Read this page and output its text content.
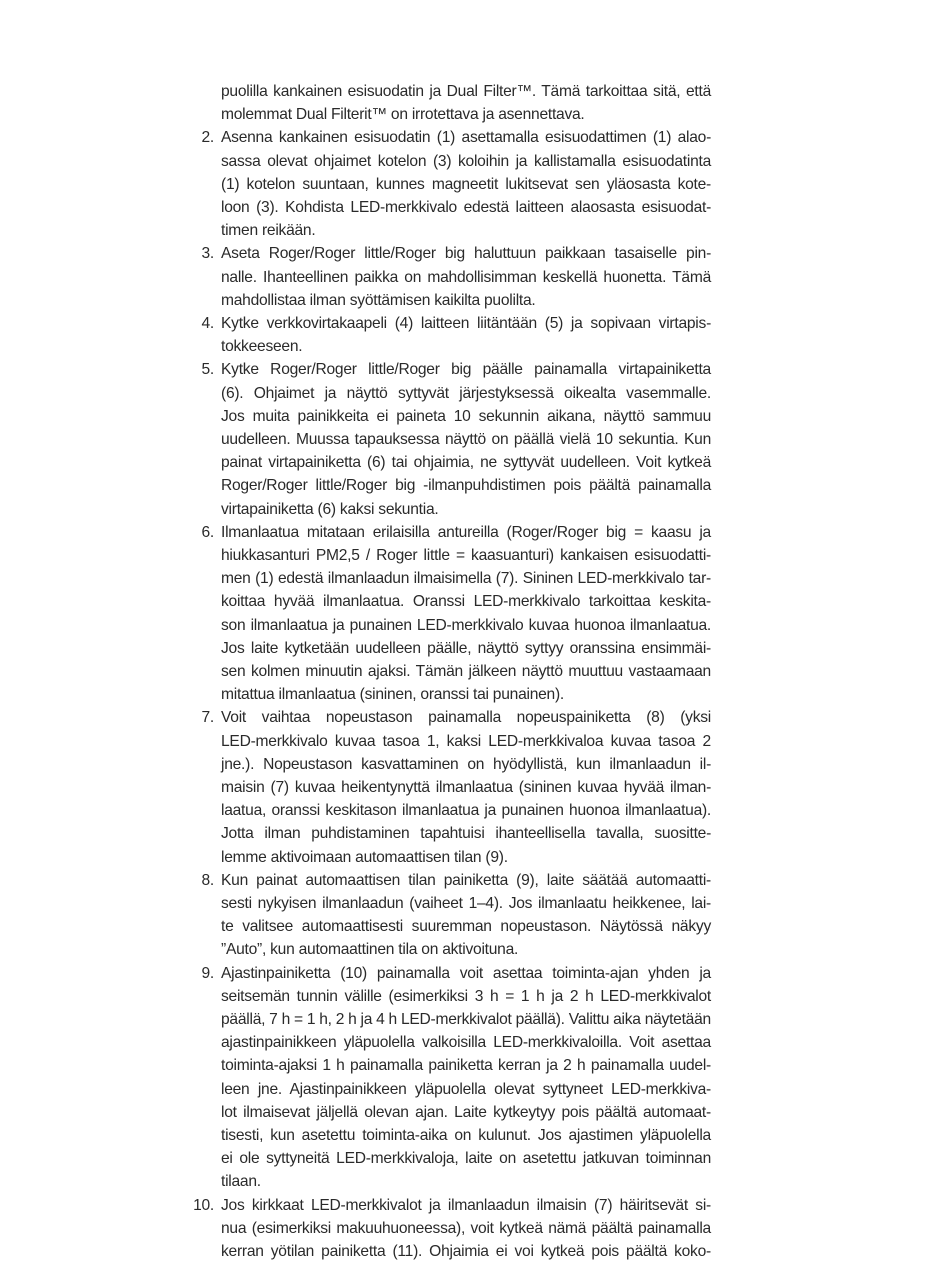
puolilla kankainen esisuodatin ja Dual Filter™. Tämä tarkoittaa sitä, että
molemmat Dual Filterit™ on irrotettava ja asennettava.
2. Asenna kankainen esisuodatin (1) asettamalla esisuodattimen (1) alao-
sassa olevat ohjaimet kotelon (3) koloihin ja kallistamalla esisuodatinta
(1) kotelon suuntaan, kunnes magneetit lukitsevat sen yläosasta kote-
loon (3). Kohdista LED-merkkivalo edestä laitteen alaosasta esisuodat-
timen reikään.
3. Aseta Roger/Roger little/Roger big haluttuun paikkaan tasaiselle pin-
nalle. Ihanteellinen paikka on mahdollisimman keskellä huonetta. Tämä
mahdollistaa ilman syöttämisen kaikilta puolilta.
4. Kytke verkkovirtakaapeli (4) laitteen liitäntään (5) ja sopivaan virtapis-
tokkeeseen.
5. Kytke Roger/Roger little/Roger big päälle painamalla virtapainiketta
(6). Ohjaimet ja näyttö syttyvät järjestyksessä oikealta vasemmalle.
Jos muita painikkeita ei paineta 10 sekunnin aikana, näyttö sammuu
uudelleen. Muussa tapauksessa näyttö on päällä vielä 10 sekuntia. Kun
painat virtapainiketta (6) tai ohjaimia, ne syttyvät uudelleen. Voit kytkeä
Roger/Roger little/Roger big -ilmanpuhdistimen pois päältä painamalla
virtapainiketta (6) kaksi sekuntia.
6. Ilmanlaatua mitataan erilaisilla antureilla (Roger/Roger big = kaasu ja
hiukkasanturi PM2,5 / Roger little = kaasuanturi) kankaisen esisuodatti-
men (1) edestä ilmanlaadun ilmaisimella (7). Sininen LED-merkkivalo tar-
koittaa hyvää ilmanlaatua. Oranssi LED-merkkivalo tarkoittaa keskita-
son ilmanlaatua ja punainen LED-merkkivalo kuvaa huonoa ilmanlaatua.
Jos laite kytketään uudelleen päälle, näyttö syttyy oranssina ensimmäi-
sen kolmen minuutin ajaksi. Tämän jälkeen näyttö muuttuu vastaamaan
mitattua ilmanlaatua (sininen, oranssi tai punainen).
7. Voit vaihtaa nopeustason painamalla nopeuspainiketta (8) (yksi
LED-merkkivalo kuvaa tasoa 1, kaksi LED-merkkivaloa kuvaa tasoa 2
jne.). Nopeustason kasvattaminen on hyödyllistä, kun ilmanlaadun il-
maisin (7) kuvaa heikentynyttä ilmanlaatua (sininen kuvaa hyvää ilman-
laatua, oranssi keskitason ilmanlaatua ja punainen huonoa ilmanlaatua).
Jotta ilman puhdistaminen tapahtuisi ihanteellisella tavalla, suositte-
lemme aktivoimaan automaattisen tilan (9).
8. Kun painat automaattisen tilan painiketta (9), laite säätää automaatti-
sesti nykyisen ilmanlaadun (vaiheet 1–4). Jos ilmanlaatu heikkenee, lai-
te valitsee automaattisesti suuremman nopeustason. Näytössä näkyy
”Auto”, kun automaattinen tila on aktivoituna.
9. Ajastinpainiketta (10) painamalla voit asettaa toiminta-ajan yhden ja
seitsemän tunnin välille (esimerkiksi 3 h = 1 h ja 2 h LED-merkkivalot
päällä, 7 h = 1 h, 2 h ja 4 h LED-merkkivalot päällä). Valittu aika näytetään
ajastinpainikkeen yläpuolella valkoisilla LED-merkkivaloilla. Voit asettaa
toiminta-ajaksi 1 h painamalla painiketta kerran ja 2 h painamalla uudel-
leen jne. Ajastinpainikkeen yläpuolella olevat syttyneet LED-merkkiva-
lot ilmaisevat jäljellä olevan ajan. Laite kytkeytyy pois päältä automaat-
tisesti, kun asetettu toiminta-aika on kulunut. Jos ajastimen yläpuolella
ei ole syttyneitä LED-merkkivaloja, laite on asetettu jatkuvan toiminnan
tilaan.
10. Jos kirkkaat LED-merkkivalot ja ilmanlaadun ilmaisin (7) häiritsevät si-
nua (esimerkiksi makuuhuoneessa), voit kytkeä nämä päältä painamalla
kerran yötilan painiketta (11). Ohjaimia ei voi kytkeä pois päältä koko-
